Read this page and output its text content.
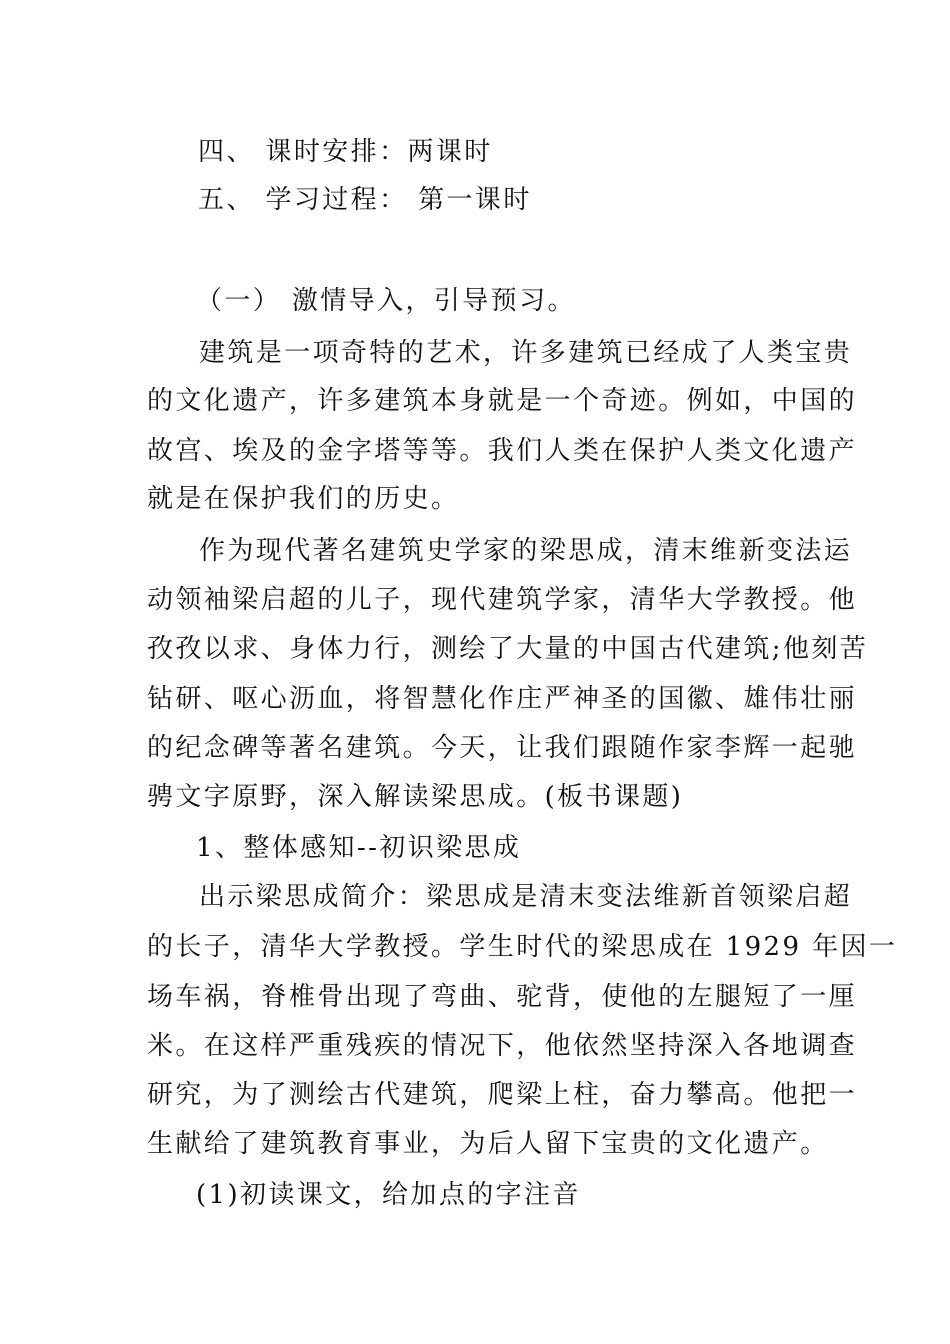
四、 课时安排：两课时
五、 学习过程： 第一课时
（一） 激情导入，引导预习。
建筑是一项奇特的艺术，许多建筑已经成了人类宝贵
的文化遗产，许多建筑本身就是一个奇迹。例如，中国的
故宫、埃及的金字塔等等。我们人类在保护人类文化遗产
就是在保护我们的历史。
作为现代著名建筑史学家的梁思成，清末维新变法运
动领袖梁启超的儿子，现代建筑学家，清华大学教授。他
孜孜以求、身体力行，测绘了大量的中国古代建筑;他刻苦
钻研、呕心沥血，将智慧化作庄严神圣的国徽、雄伟壮丽
的纪念碑等著名建筑。今天，让我们跟随作家李辉一起驰
骋文字原野，深入解读梁思成。(板书课题)
1、整体感知--初识梁思成
出示梁思成简介：梁思成是清末变法维新首领梁启超
的长子，清华大学教授。学生时代的梁思成在 1929 年因一
场车祸，脊椎骨出现了弯曲、驼背，使他的左腿短了一厘
米。在这样严重残疾的情况下，他依然坚持深入各地调查
研究，为了测绘古代建筑，爬梁上柱，奋力攀高。他把一
生献给了建筑教育事业，为后人留下宝贵的文化遗产。
(1)初读课文，给加点的字注音
